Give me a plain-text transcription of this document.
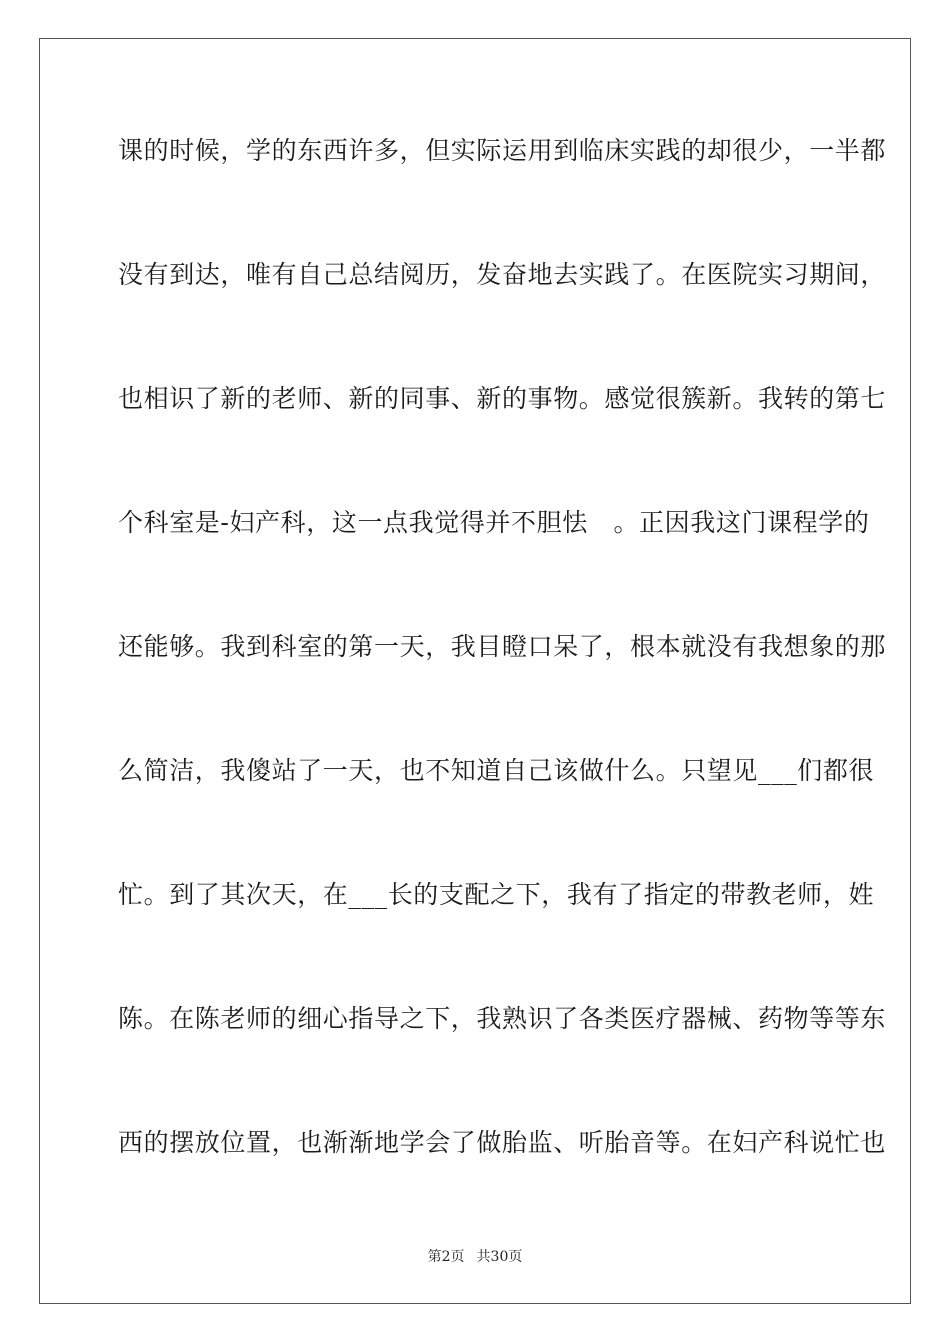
课的时候，学的东西许多，但实际运用到临床实践的却很少，一半都
没有到达，唯有自己总结阅历，发奋地去实践了。在医院实习期间，
也相识了新的老师、新的同事、新的事物。感觉很簇新。我转的第七
个科室是-妇产科，这一点我觉得并不胆怯　。正因我这门课程学的
还能够。我到科室的第一天，我目瞪口呆了，根本就没有我想象的那
么简洁，我傻站了一天，也不知道自己该做什么。只望见___们都很
忙。到了其次天，在___长的支配之下，我有了指定的带教老师，姓
陈。在陈老师的细心指导之下，我熟识了各类医疗器械、药物等等东
西的摆放位置，也渐渐地学会了做胎监、听胎音等。在妇产科说忙也
第2页 共30页
